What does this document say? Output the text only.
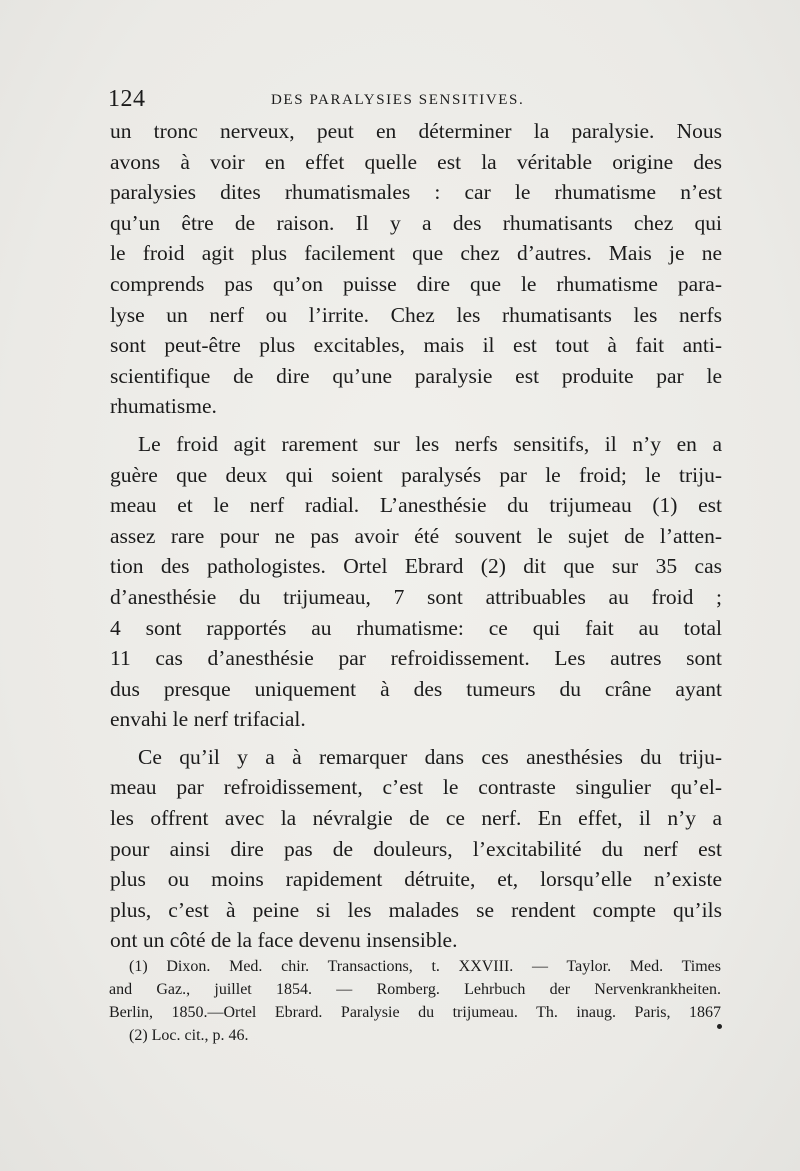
124	DES PARALYSIES SENSITIVES.
un tronc nerveux, peut en déterminer la paralysie. Nous
avons à voir en effet quelle est la véritable origine des
paralysies dites rhumatismales : car le rhumatisme n’est
qu’un être de raison. Il y a des rhumatisants chez qui
le froid agit plus facilement que chez d’autres. Mais je ne
comprends pas qu’on puisse dire que le rhumatisme para-
lyse un nerf ou l’irrite. Chez les rhumatisants les nerfs
sont peut-être plus excitables, mais il est tout à fait anti-
scientifique de dire qu’une paralysie est produite par le
rhumatisme.
Le froid agit rarement sur les nerfs sensitifs, il n’y en a
guère que deux qui soient paralysés par le froid; le triju-
meau et le nerf radial. L’anesthésie du trijumeau (1) est
assez rare pour ne pas avoir été souvent le sujet de l’atten-
tion des pathologistes. Ortel Ebrard (2) dit que sur 35 cas
d’anesthésie du trijumeau, 7 sont attribuables au froid ;
4 sont rapportés au rhumatisme: ce qui fait au total
11 cas d’anesthésie par refroidissement. Les autres sont
dus presque uniquement à des tumeurs du crâne ayant
envahi le nerf trifacial.
Ce qu’il y a à remarquer dans ces anesthésies du triju-
meau par refroidissement, c’est le contraste singulier qu’el-
les offrent avec la névralgie de ce nerf. En effet, il n’y a
pour ainsi dire pas de douleurs, l’excitabilité du nerf est
plus ou moins rapidement détruite, et, lorsqu’elle n’existe
plus, c’est à peine si les malades se rendent compte qu’ils
ont un côté de la face devenu insensible.
(1) Dixon. Med. chir. Transactions, t. XXVIII. — Taylor. Med. Times
and Gaz., juillet 1854. — Romberg. Lehrbuch der Nervenkrankheiten.
Berlin, 1850.—Ortel Ebrard. Paralysie du trijumeau. Th. inaug. Paris, 1867
(2) Loc. cit., p. 46.
